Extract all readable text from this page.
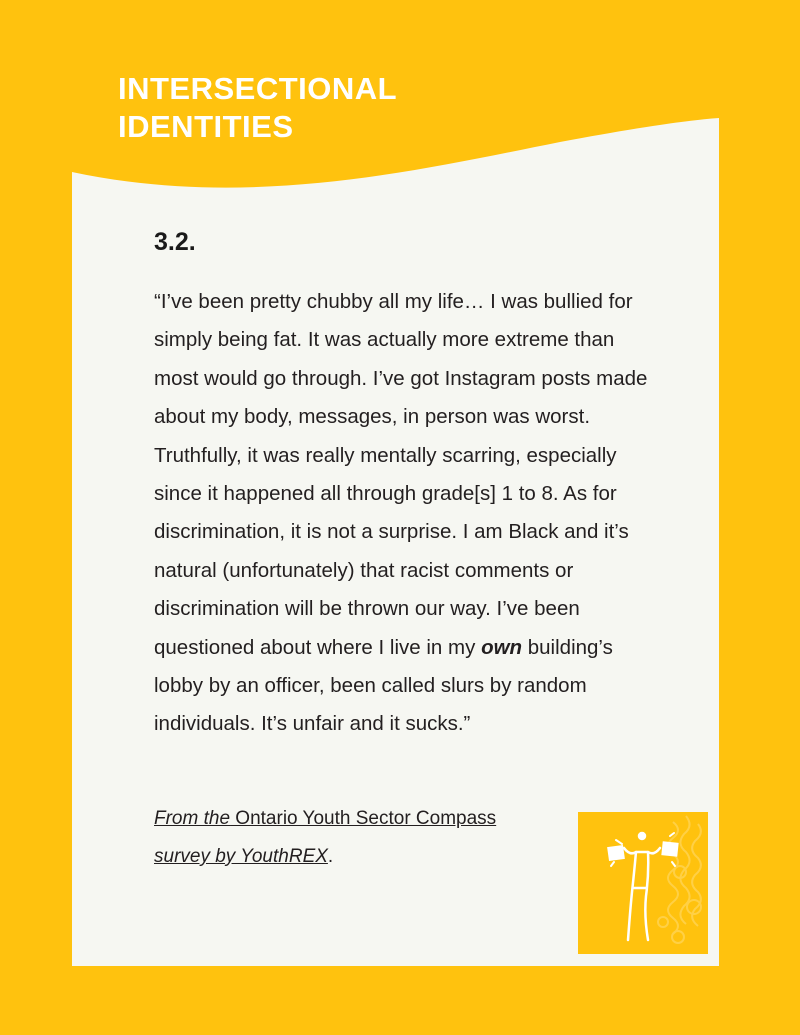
INTERSECTIONAL
IDENTITIES
3.2.

“I’ve been pretty chubby all my life… I was bullied for simply being fat. It was actually more extreme than most would go through. I’ve got Instagram posts made about my body, messages, in person was worst. Truthfully, it was really mentally scarring, especially since it happened all through grade[s] 1 to 8. As for discrimination, it is not a surprise. I am Black and it’s natural (unfortunately) that racist comments or discrimination will be thrown our way. I’ve been questioned about where I live in my own building’s lobby by an officer, been called slurs by random individuals. It’s unfair and it sucks.”

From the Ontario Youth Sector Compass
survey by YouthREX.
